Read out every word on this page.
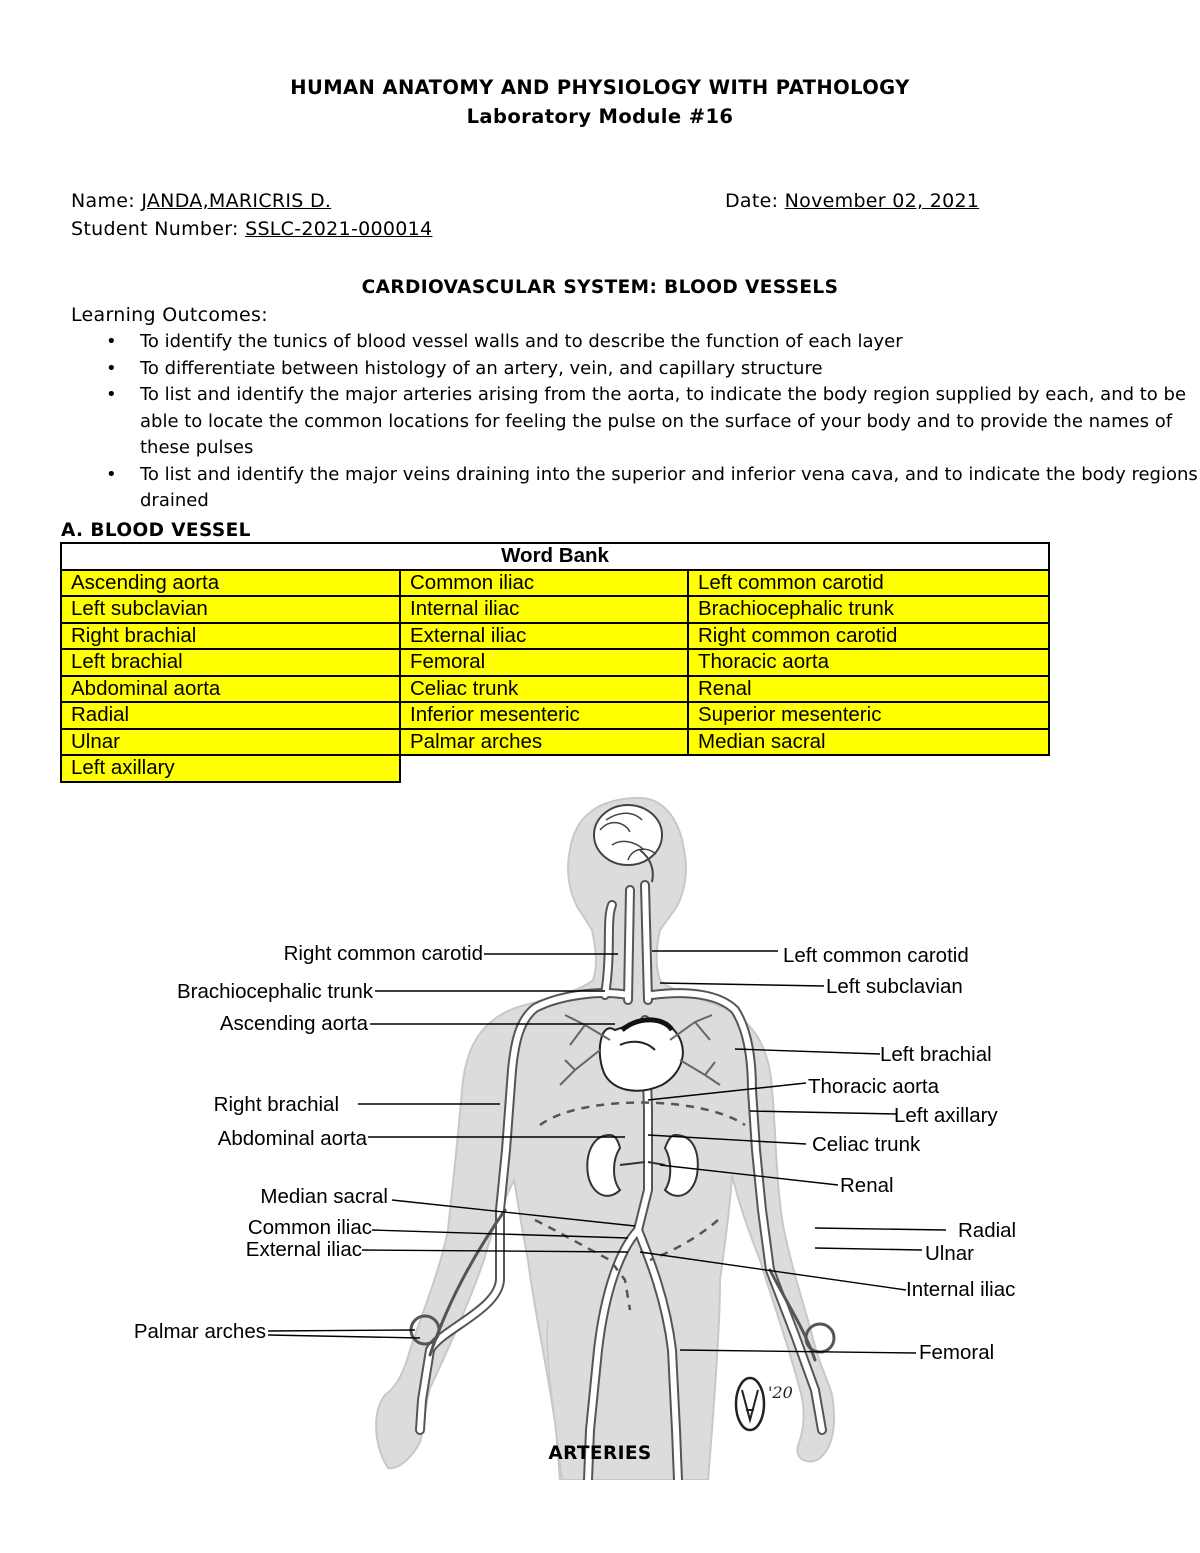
HUMAN ANATOMY AND PHYSIOLOGY WITH PATHOLOGY
Laboratory Module #16
Name: JANDA,MARICRIS D.	Date: November 02, 2021
Student Number: SSLC-2021-000014
CARDIOVASCULAR SYSTEM: BLOOD VESSELS
Learning Outcomes:
• To identify the tunics of blood vessel walls and to describe the function of each layer
• To differentiate between histology of an artery, vein, and capillary structure
• To list and identify the major arteries arising from the aorta, to indicate the body region supplied by each, and to be able to locate the common locations for feeling the pulse on the surface of your body and to provide the names of these pulses
• To list and identify the major veins draining into the superior and inferior vena cava, and to indicate the body regions drained
A. BLOOD VESSEL
Word Bank		
Ascending aorta	Common iliac	Left common carotid
Left subclavian	Internal iliac	Brachiocephalic trunk
Right brachial	External iliac	Right common carotid
Left brachial	Femoral	Thoracic aorta
Abdominal aorta	Celiac trunk	Renal
Radial	Inferior mesenteric	Superior mesenteric
Ulnar	Palmar arches	Median sacral
Left axillary		
'20
Right common carotid
Brachiocephalic trunk
Ascending aorta
Right brachial
Abdominal aorta
Median sacral
Common iliac
External iliac
Palmar arches
Left common carotid
Left subclavian
Left brachial
Thoracic aorta
Left axillary
Celiac trunk
Renal
Radial
Ulnar
Internal iliac
Femoral
ARTERIES
